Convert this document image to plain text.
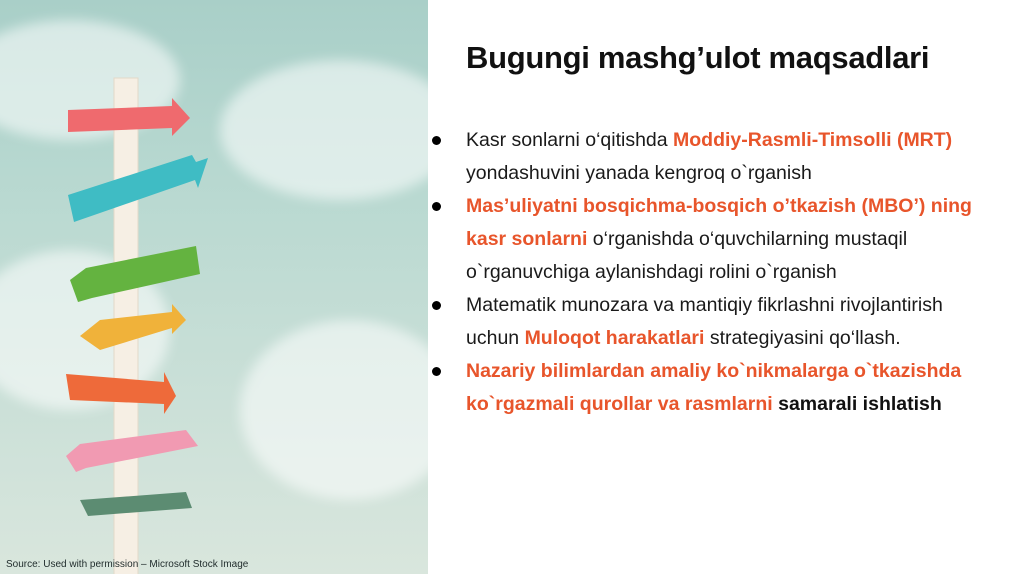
Source: Used with permission – Microsoft Stock Image
Bugungi mashg’ulot maqsadlari
Kasr sonlarni o‘qitishda Moddiy-Rasmli-Timsolli (MRT) yondashuvini yanada kengroq o`rganish
Mas’uliyatni bosqichma-bosqich o’tkazish (MBO’) ning kasr sonlarni o‘rganishda o‘quvchilarning mustaqil o`rganuvchiga aylanishdagi rolini o`rganish
Matematik munozara va mantiqiy fikrlashni rivojlantirish uchun Muloqot harakatlari strategiyasini qo‘llash.
Nazariy bilimlardan amaliy ko`nikmalarga o`tkazishda ko`rgazmali qurollar va rasmlarni samarali ishlatish
